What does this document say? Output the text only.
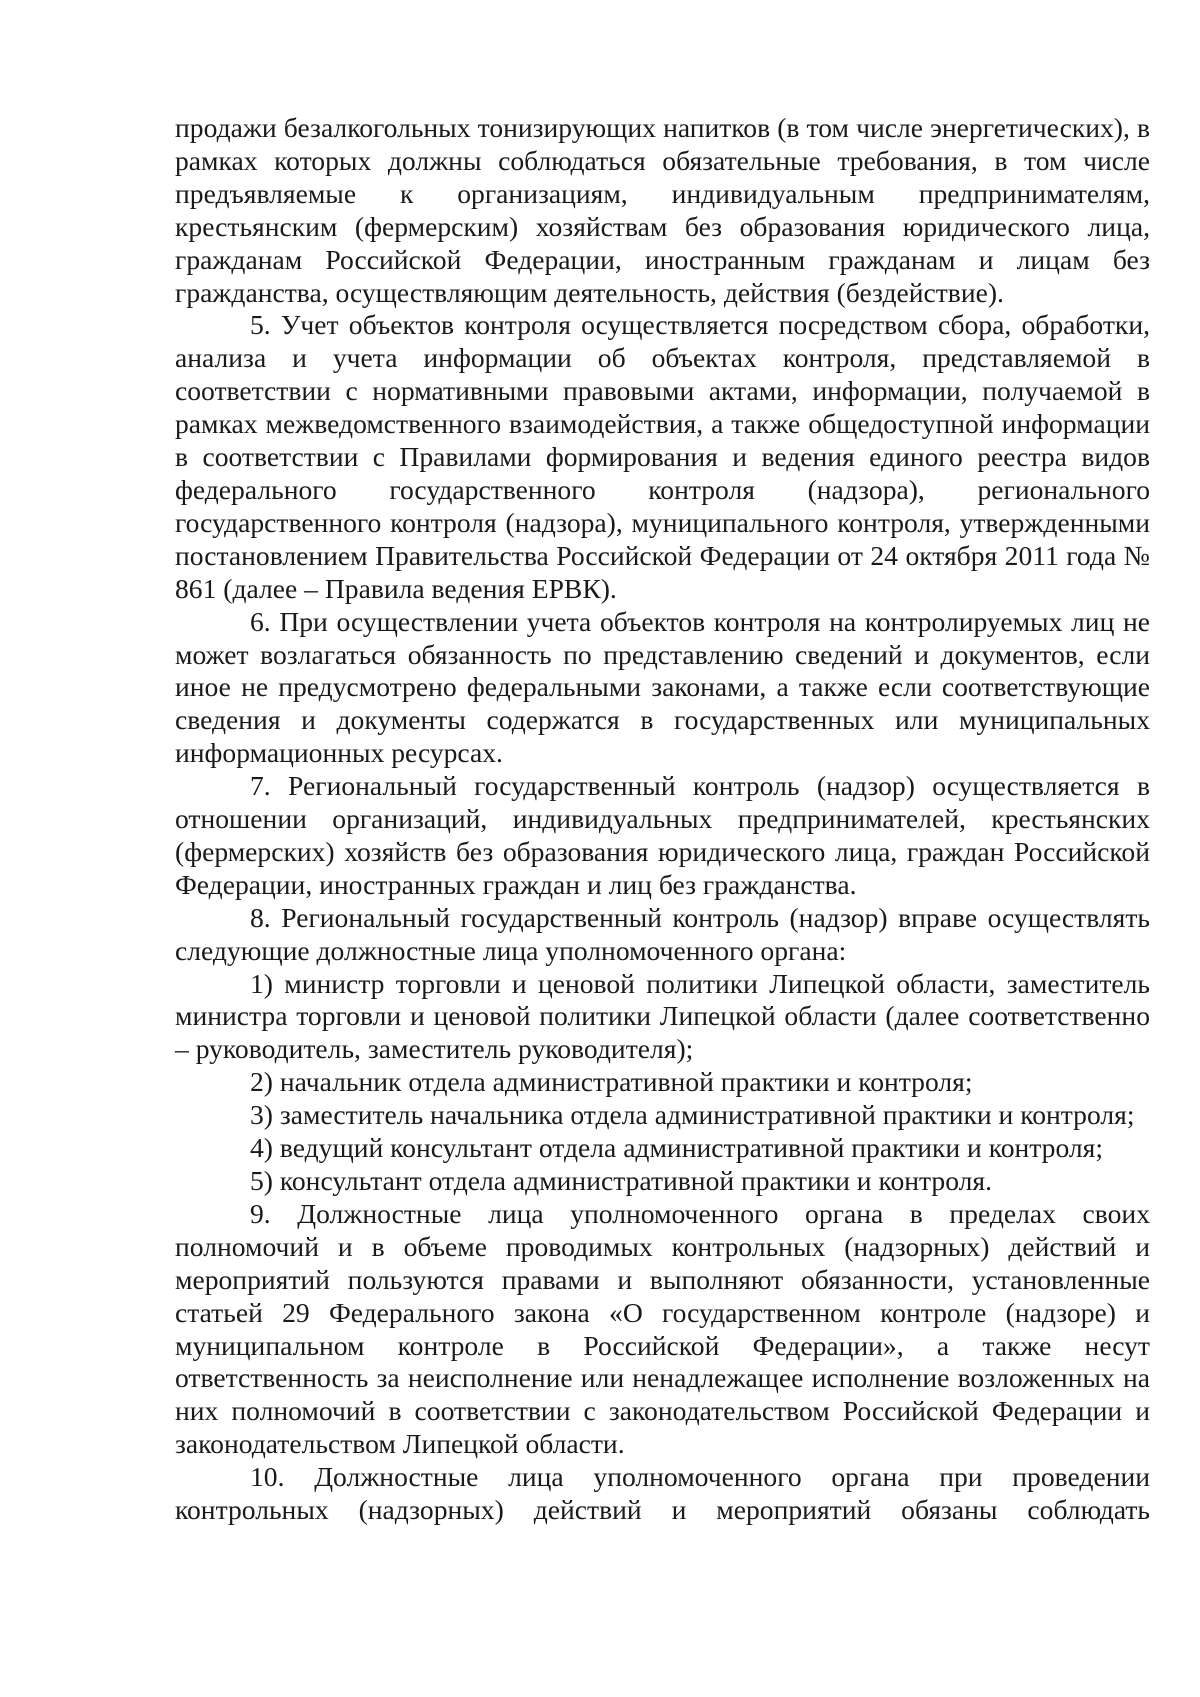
продажи безалкогольных тонизирующих напитков (в том числе энергетических), в рамках которых должны соблюдаться обязательные требования, в том числе предъявляемые к организациям, индивидуальным предпринимателям, крестьянским (фермерским) хозяйствам без образования юридического лица, гражданам Российской Федерации, иностранным гражданам и лицам без гражданства, осуществляющим деятельность, действия (бездействие).

5. Учет объектов контроля осуществляется посредством сбора, обработки, анализа и учета информации об объектах контроля, представляемой в соответствии с нормативными правовыми актами, информации, получаемой в рамках межведомственного взаимодействия, а также общедоступной информации в соответствии с Правилами формирования и ведения единого реестра видов федерального государственного контроля (надзора), регионального государственного контроля (надзора), муниципального контроля, утвержденными постановлением Правительства Российской Федерации от 24 октября 2011 года № 861 (далее – Правила ведения ЕРВК).

6. При осуществлении учета объектов контроля на контролируемых лиц не может возлагаться обязанность по представлению сведений и документов, если иное не предусмотрено федеральными законами, а также если соответствующие сведения и документы содержатся в государственных или муниципальных информационных ресурсах.

7. Региональный государственный контроль (надзор) осуществляется в отношении организаций, индивидуальных предпринимателей, крестьянских (фермерских) хозяйств без образования юридического лица, граждан Российской Федерации, иностранных граждан и лиц без гражданства.

8. Региональный государственный контроль (надзор) вправе осуществлять следующие должностные лица уполномоченного органа:

1) министр торговли и ценовой политики Липецкой области, заместитель министра торговли и ценовой политики Липецкой области (далее соответственно – руководитель, заместитель руководителя);

2) начальник отдела административной практики и контроля;

3) заместитель начальника отдела административной практики и контроля;

4) ведущий консультант отдела административной практики и контроля;

5) консультант отдела административной практики и контроля.

9. Должностные лица уполномоченного органа в пределах своих полномочий и в объеме проводимых контрольных (надзорных) действий и мероприятий пользуются правами и выполняют обязанности, установленные статьей 29 Федерального закона «О государственном контроле (надзоре) и муниципальном контроле в Российской Федерации», а также несут ответственность за неисполнение или ненадлежащее исполнение возложенных на них полномочий в соответствии с законодательством Российской Федерации и законодательством Липецкой области.

10. Должностные лица уполномоченного органа при проведении контрольных (надзорных) действий и мероприятий обязаны соблюдать
